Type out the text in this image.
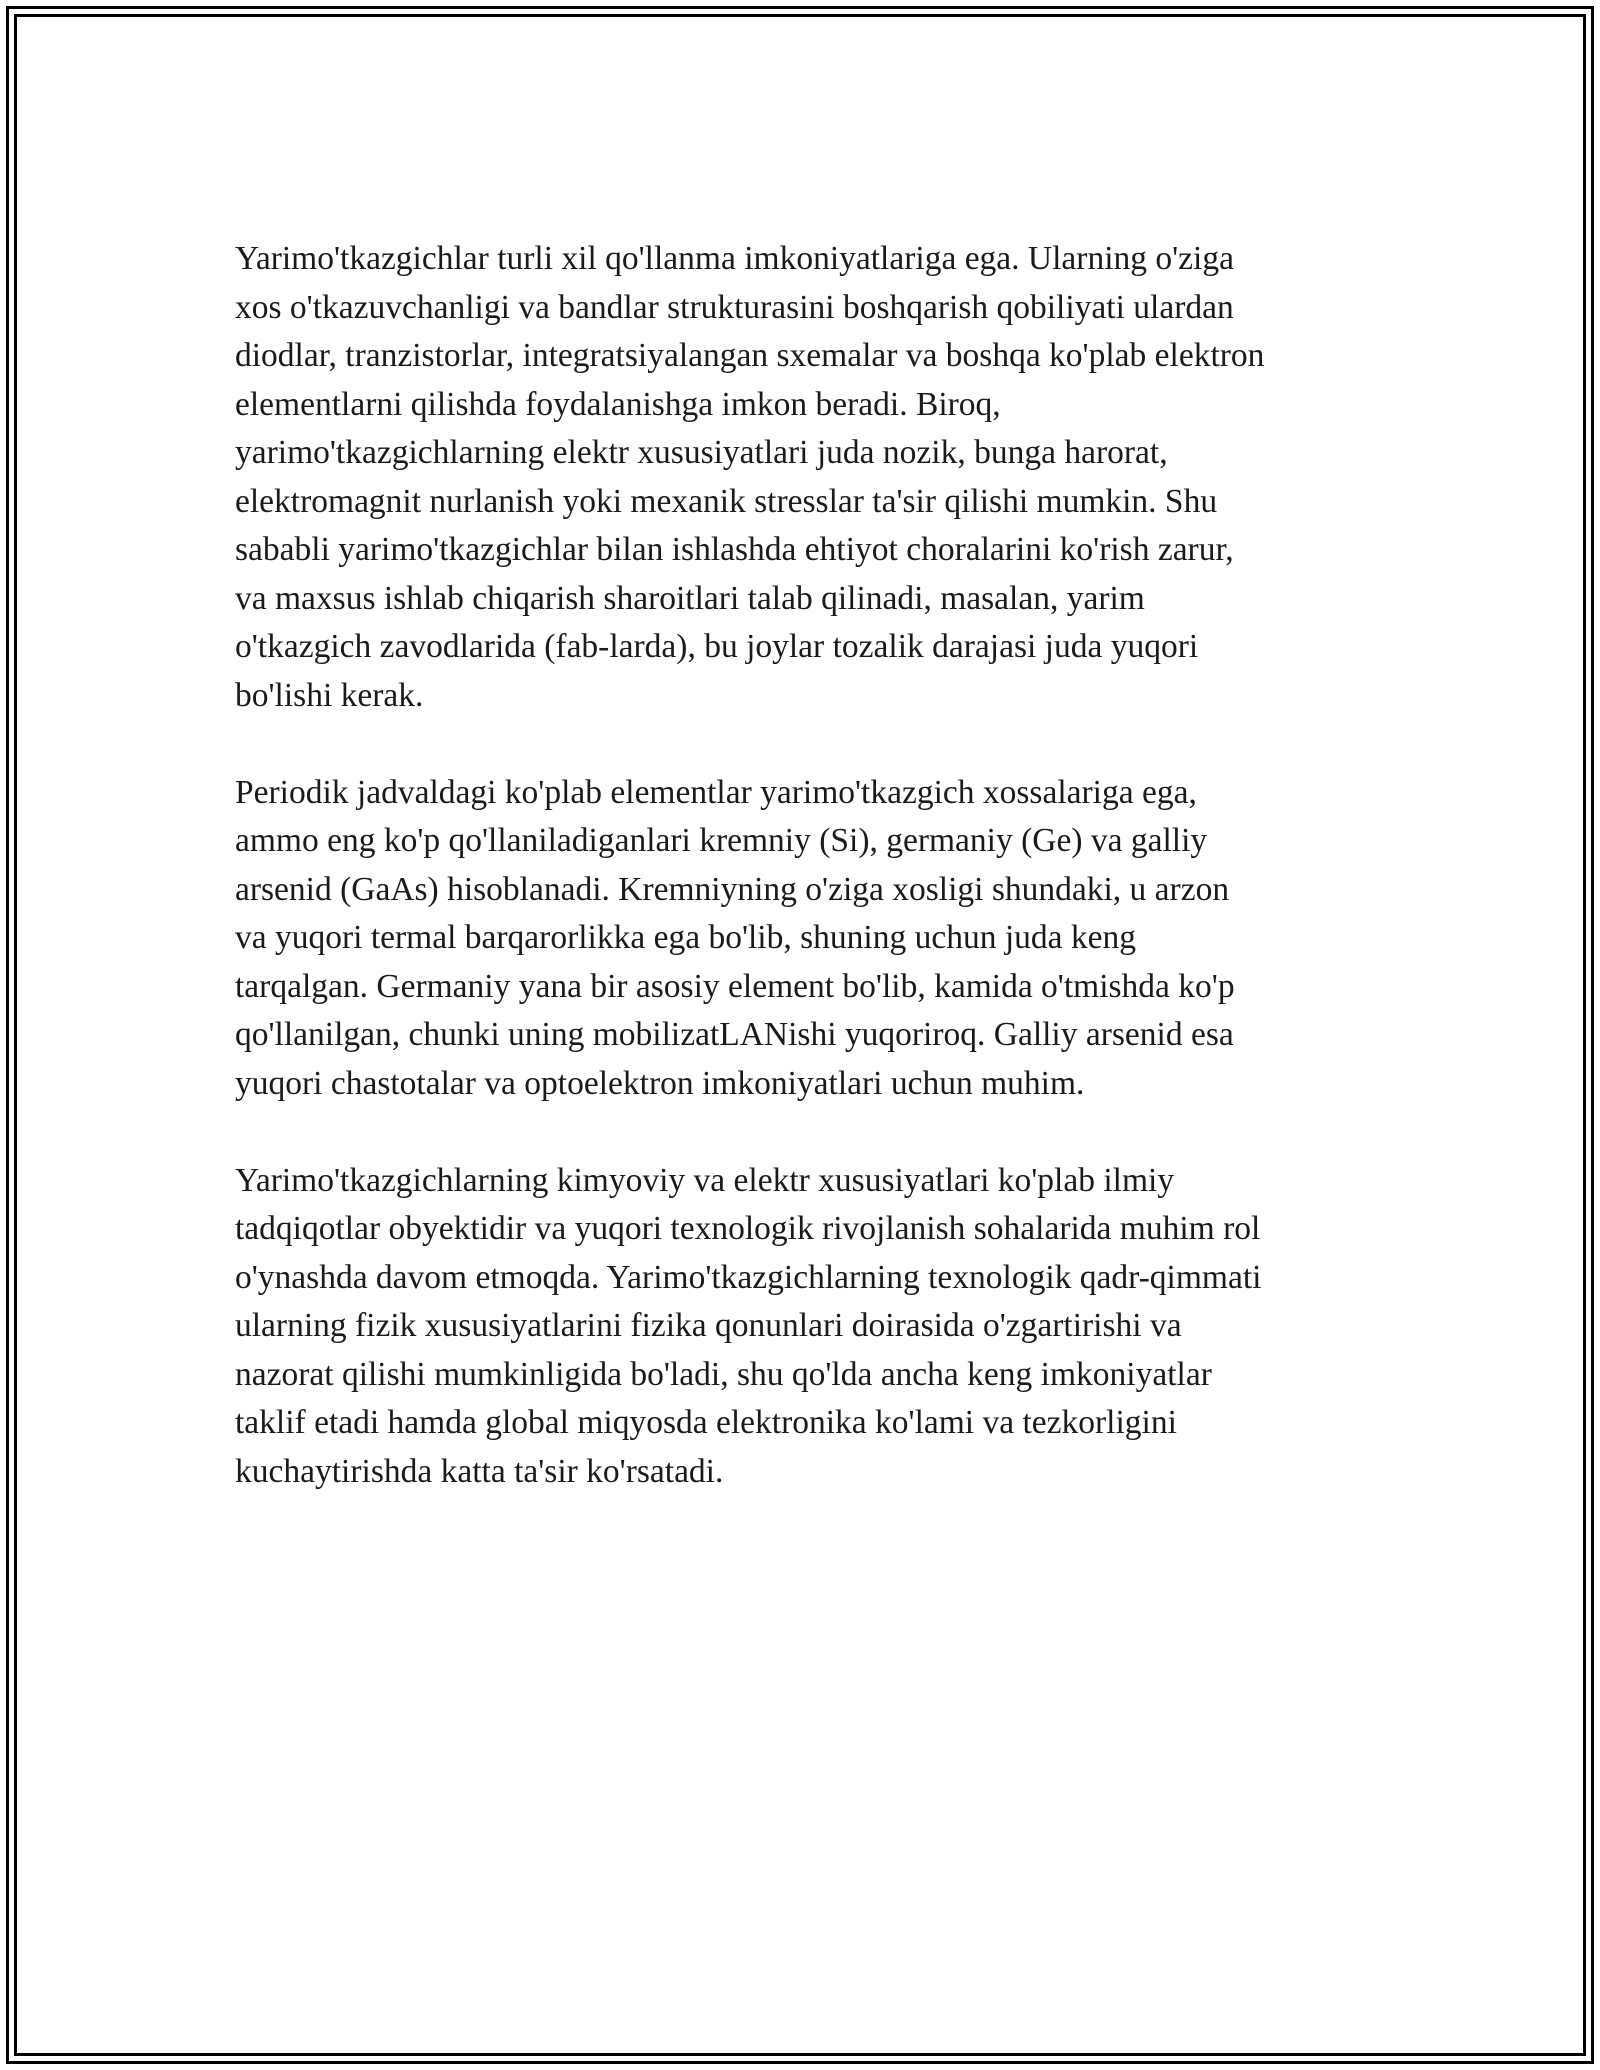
Yarimo'tkazgichlar turli xil qo'llanma imkoniyatlariga ega. Ularning o'ziga
xos o'tkazuvchanligi va bandlar strukturasini boshqarish qobiliyati ulardan
diodlar, tranzistorlar, integratsiyalangan sxemalar va boshqa ko'plab elektron
elementlarni qilishda foydalanishga imkon beradi. Biroq,
yarimo'tkazgichlarning elektr xususiyatlari juda nozik, bunga harorat,
elektromagnit nurlanish yoki mexanik stresslar ta'sir qilishi mumkin. Shu
sababli yarimo'tkazgichlar bilan ishlashda ehtiyot choralarini ko'rish zarur,
va maxsus ishlab chiqarish sharoitlari talab qilinadi, masalan, yarim
o'tkazgich zavodlarida (fab-larda), bu joylar tozalik darajasi juda yuqori
bo'lishi kerak.

Periodik jadvaldagi ko'plab elementlar yarimo'tkazgich xossalariga ega,
ammo eng ko'p qo'llaniladiganlari kremniy (Si), germaniy (Ge) va galliy
arsenid (GaAs) hisoblanadi. Kremniyning o'ziga xosligi shundaki, u arzon
va yuqori termal barqarorlikka ega bo'lib, shuning uchun juda keng
tarqalgan. Germaniy yana bir asosiy element bo'lib, kamida o'tmishda ko'p
qo'llanilgan, chunki uning mobilizatLANishi yuqoriroq. Galliy arsenid esa
yuqori chastotalar va optoelektron imkoniyatlari uchun muhim.

Yarimo'tkazgichlarning kimyoviy va elektr xususiyatlari ko'plab ilmiy
tadqiqotlar obyektidir va yuqori texnologik rivojlanish sohalarida muhim rol
o'ynashda davom etmoqda. Yarimo'tkazgichlarning texnologik qadr-qimmati
ularning fizik xususiyatlarini fizika qonunlari doirasida o'zgartirishi va
nazorat qilishi mumkinligida bo'ladi, shu qo'lda ancha keng imkoniyatlar
taklif etadi hamda global miqyosda elektronika ko'lami va tezkorligini
kuchaytirishda katta ta'sir ko'rsatadi.
